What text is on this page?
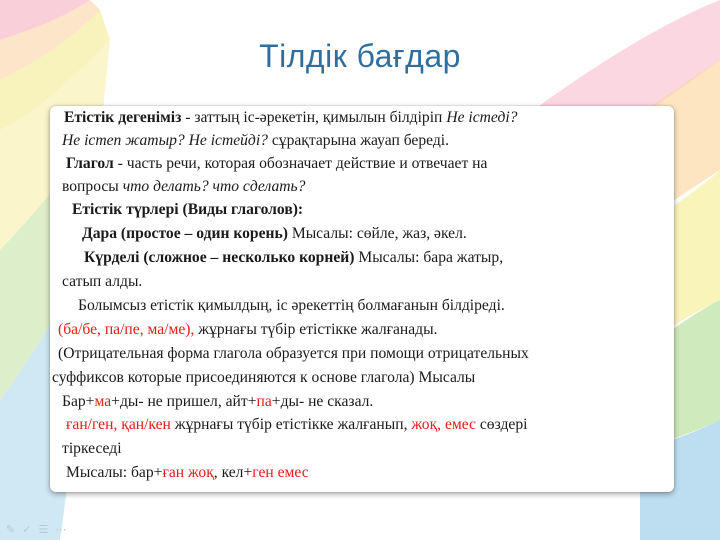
Тілдік бағдар
Етістік дегеніміз - заттың іс-әрекетін, қимылын білдіріп Не істеді?
Не істеп жатыр? Не істейді? сұрақтарына жауап береді.
Глагол - часть речи, которая обозначает действие и отвечает на
вопросы что делать? что сделать?
Етістік түрлері (Виды глаголов):
Дара (простое – один корень) Мысалы: сөйле, жаз, әкел.
Күрделі (сложное – несколько корней) Мысалы: бара жатыр,
сатып алды.
Болымсыз етістік қимылдың, іс әрекеттің болмағанын білдіреді.
(ба/бе, па/пе, ма/ме), жұрнағы түбір етістікке жалғанады.
(Отрицательная форма глагола образуется при помощи отрицательных
суффиксов которые присоединяются к основе глагола) Мысалы
Бар+ма+ды- не пришел, айт+па+ды- не сказал.
ған/ген, қан/кен жұрнағы түбір етістікке жалғанып, жоқ, емес сөздері
тіркеседі
Мысалы: бар+ған жоқ, кел+ген емес
✎ ✓ ☰ ⋯
